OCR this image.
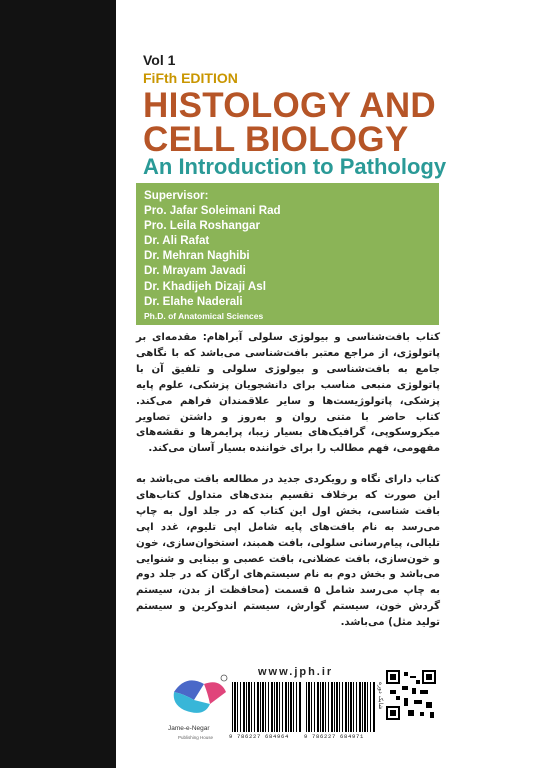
Vol 1
FiFth EDITION
HISTOLOGY AND
CELL BIOLOGY
An Introduction to Pathology
Supervisor:
Pro. Jafar Soleimani Rad
Pro. Leila Roshangar
Dr. Ali Rafat
Dr. Mehran Naghibi
Dr. Mrayam Javadi
Dr. Khadijeh Dizaji Asl
Dr. Elahe Naderali
Ph.D. of Anatomical Sciences
کتاب بافت‌شناسی و بیولوژی سلولی آبراهام: مقدمه‌ای بر پاتولوژی، از مراجع معتبر بافت‌شناسی می‌باشد که با نگاهی جامع به بافت‌شناسی و بیولوژی سلولی و تلفیق آن با پاتولوژی منبعی مناسب برای دانشجویان پزشکی، علوم پایه پزشکی، پاتولوژیست‌ها و سایر علاقمندان فراهم می‌کند. کتاب حاضر با متنی روان و به‌روز و داشتن تصاویر میکروسکوپی، گرافیک‌های بسیار زیبا، پرایمرها و نقشه‌های مفهومی، فهم مطالب را برای خواننده بسیار آسان می‌کند.
کتاب دارای نگاه و رویکردی جدید در مطالعه بافت می‌باشد به این صورت که برخلاف تقسیم بندی‌های متداول کتاب‌های بافت شناسی، بخش اول این کتاب که در جلد اول به چاپ می‌رسد به نام بافت‌های پایه شامل اپی تلیوم، غدد اپی تلیالی، پیام‌رسانی سلولی، بافت همبند، استخوان‌سازی، خون و خون‌سازی، بافت عضلانی، بافت عصبی و بینایی و شنوایی می‌باشد و بخش دوم به نام سیستم‌های ارگان که در جلد دوم به چاپ می‌رسد شامل ۵ قسمت (محافظت از بدن، سیستم گردش خون، سیستم گوارش، سیستم اندوکرین و سیستم تولید مثل) می‌باشد.
Jame-e-Negar
Publishing House
www.jph.ir
9 786227 684964	9 786227 684971
شابک دوره
